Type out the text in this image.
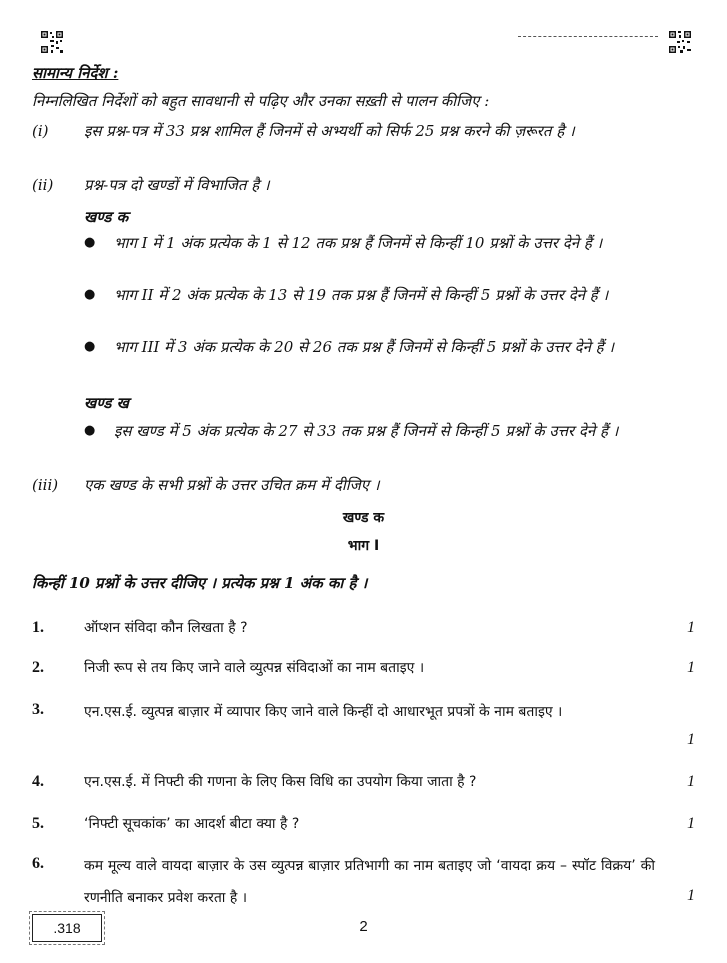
सामान्य निर्देश :
निम्नलिखित निर्देशों को बहुत सावधानी से पढ़िए और उनका सख़्ती से पालन कीजिए :
(i) इस प्रश्न-पत्र में 33 प्रश्न शामिल हैं जिनमें से अभ्यर्थी को सिर्फ 25 प्रश्न करने की ज़रूरत है ।
(ii) प्रश्न-पत्र दो खण्डों में विभाजित है ।
खण्ड क
● भाग I में 1 अंक प्रत्येक के 1 से 12 तक प्रश्न हैं जिनमें से किन्हीं 10 प्रश्नों के उत्तर देने हैं ।
● भाग II में 2 अंक प्रत्येक के 13 से 19 तक प्रश्न हैं जिनमें से किन्हीं 5 प्रश्नों के उत्तर देने हैं ।
● भाग III में 3 अंक प्रत्येक के 20 से 26 तक प्रश्न हैं जिनमें से किन्हीं 5 प्रश्नों के उत्तर देने हैं ।
खण्ड ख
● इस खण्ड में 5 अंक प्रत्येक के 27 से 33 तक प्रश्न हैं जिनमें से किन्हीं 5 प्रश्नों के उत्तर देने हैं ।
(iii) एक खण्ड के सभी प्रश्नों के उत्तर उचित क्रम में दीजिए ।
खण्ड क
भाग I
किन्हीं 10 प्रश्नों के उत्तर दीजिए । प्रत्येक प्रश्न 1 अंक का है ।
1.	ऑप्शन संविदा कौन लिखता है ?	1
2.	निजी रूप से तय किए जाने वाले व्युत्पन्न संविदाओं का नाम बताइए ।	1
3.	एन.एस.ई. व्युत्पन्न बाज़ार में व्यापार किए जाने वाले किन्हीं दो आधारभूत प्रपत्रों के नाम बताइए ।
1
4.	एन.एस.ई. में निफ्टी की गणना के लिए किस विधि का उपयोग किया जाता है ?	1
5.	‘निफ्टी सूचकांक’ का आदर्श बीटा क्या है ?	1
6.	कम मूल्य वाले वायदा बाज़ार के उस व्युत्पन्न बाज़ार प्रतिभागी का नाम बताइए जो ‘वायदा क्रय – स्पॉट विक्रय’ की रणनीति बनाकर प्रवेश करता है ।	1
.318	2
